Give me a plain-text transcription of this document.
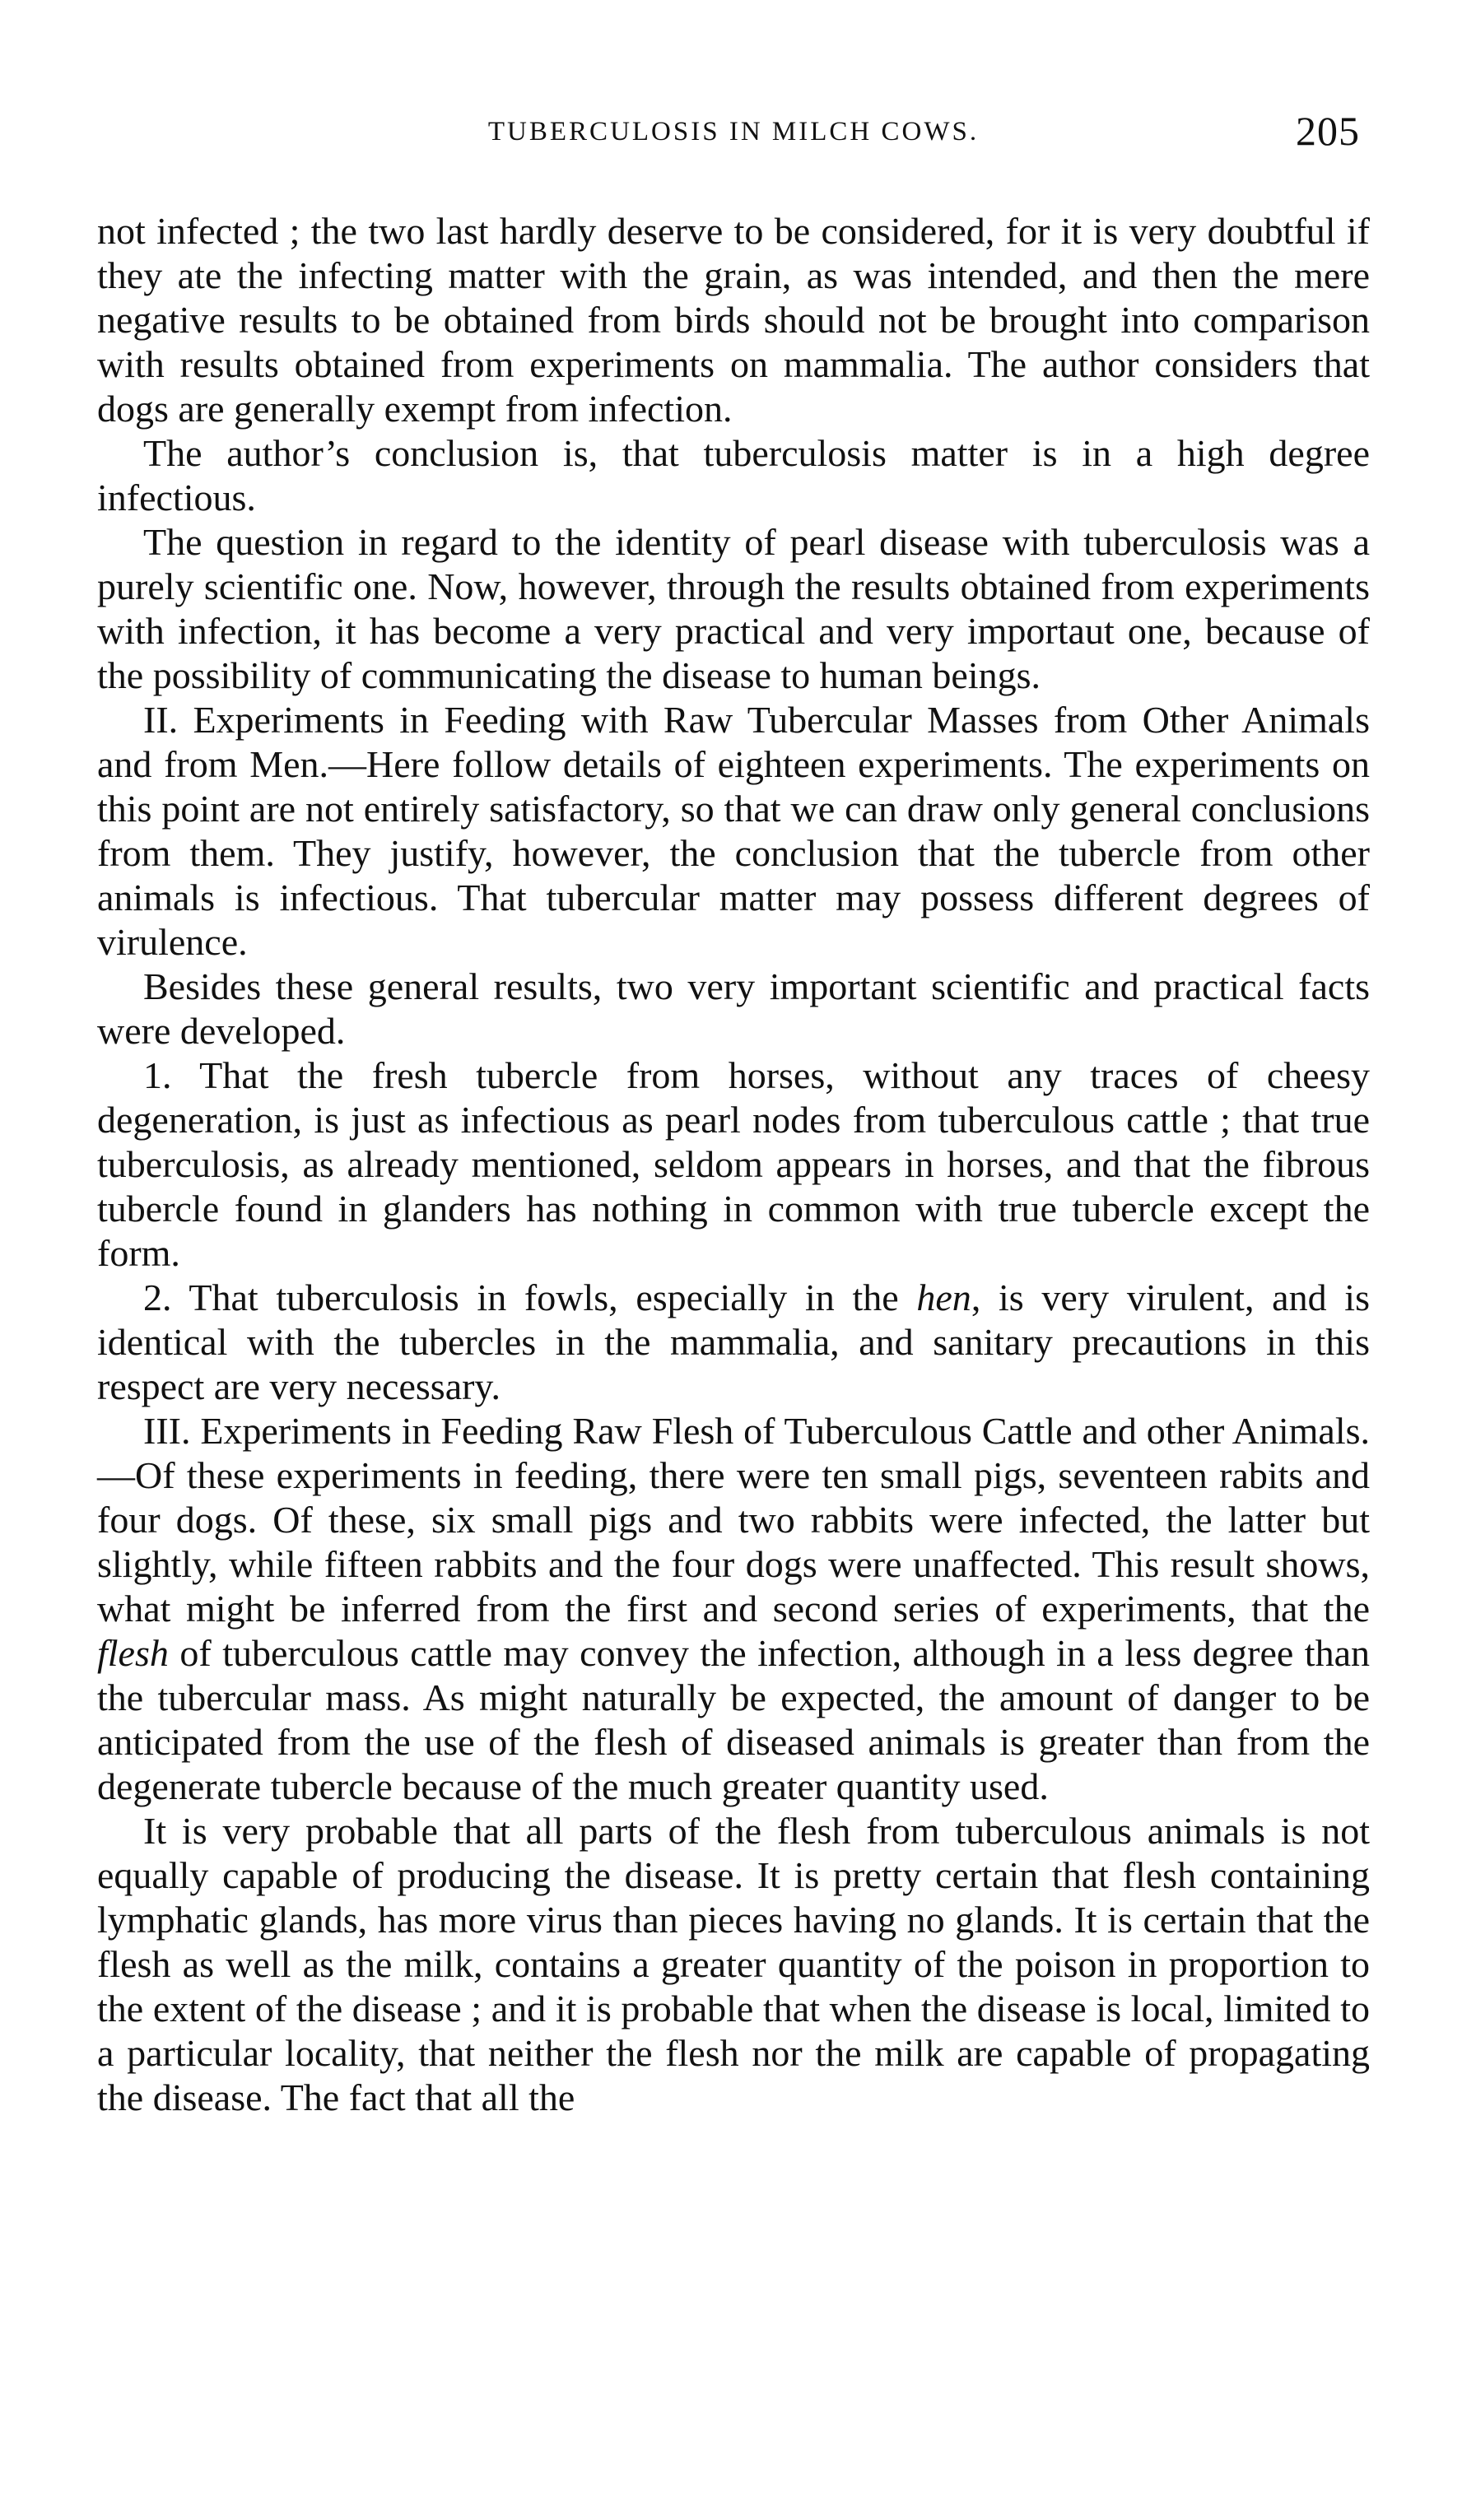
TUBERCULOSIS IN MILCH COWS.	205

not infected ; the two last hardly deserve to be considered, for it is very doubtful if they ate the infecting matter with the grain, as was intended, and then the mere negative results to be obtained from birds should not be brought into comparison with results obtained from experiments on mammalia. The author considers that dogs are generally exempt from infection.

The author’s conclusion is, that tuberculosis matter is in a high degree infectious.

The question in regard to the identity of pearl disease with tuberculosis was a purely scientific one. Now, however, through the results obtained from experiments with infection, it has become a very practical and very importaut one, because of the possibility of communicating the disease to human beings.

II. Experiments in Feeding with Raw Tubercular Masses from Other Animals and from Men.—Here follow details of eighteen experiments. The experiments on this point are not entirely satisfactory, so that we can draw only general conclusions from them. They justify, however, the conclusion that the tubercle from other animals is infectious. That tubercular matter may possess different degrees of virulence.

Besides these general results, two very important scientific and practical facts were developed.

1. That the fresh tubercle from horses, without any traces of cheesy degeneration, is just as infectious as pearl nodes from tuberculous cattle ; that true tuberculosis, as already mentioned, seldom appears in horses, and that the fibrous tubercle found in glanders has nothing in common with true tubercle except the form.

2. That tuberculosis in fowls, especially in the hen, is very virulent, and is identical with the tubercles in the mammalia, and sanitary precautions in this respect are very necessary.

III. Experiments in Feeding Raw Flesh of Tuberculous Cattle and other Animals.—Of these experiments in feeding, there were ten small pigs, seventeen rabits and four dogs. Of these, six small pigs and two rabbits were infected, the latter but slightly, while fifteen rabbits and the four dogs were unaffected. This result shows, what might be inferred from the first and second series of experiments, that the flesh of tuberculous cattle may convey the infection, although in a less degree than the tubercular mass. As might naturally be expected, the amount of danger to be anticipated from the use of the flesh of diseased animals is greater than from the degenerate tubercle because of the much greater quantity used.

It is very probable that all parts of the flesh from tuberculous animals is not equally capable of producing the disease. It is pretty certain that flesh containing lymphatic glands, has more virus than pieces having no glands. It is certain that the flesh as well as the milk, contains a greater quantity of the poison in proportion to the extent of the disease ; and it is probable that when the disease is local, limited to a particular locality, that neither the flesh nor the milk are capable of propagating the disease. The fact that all the
